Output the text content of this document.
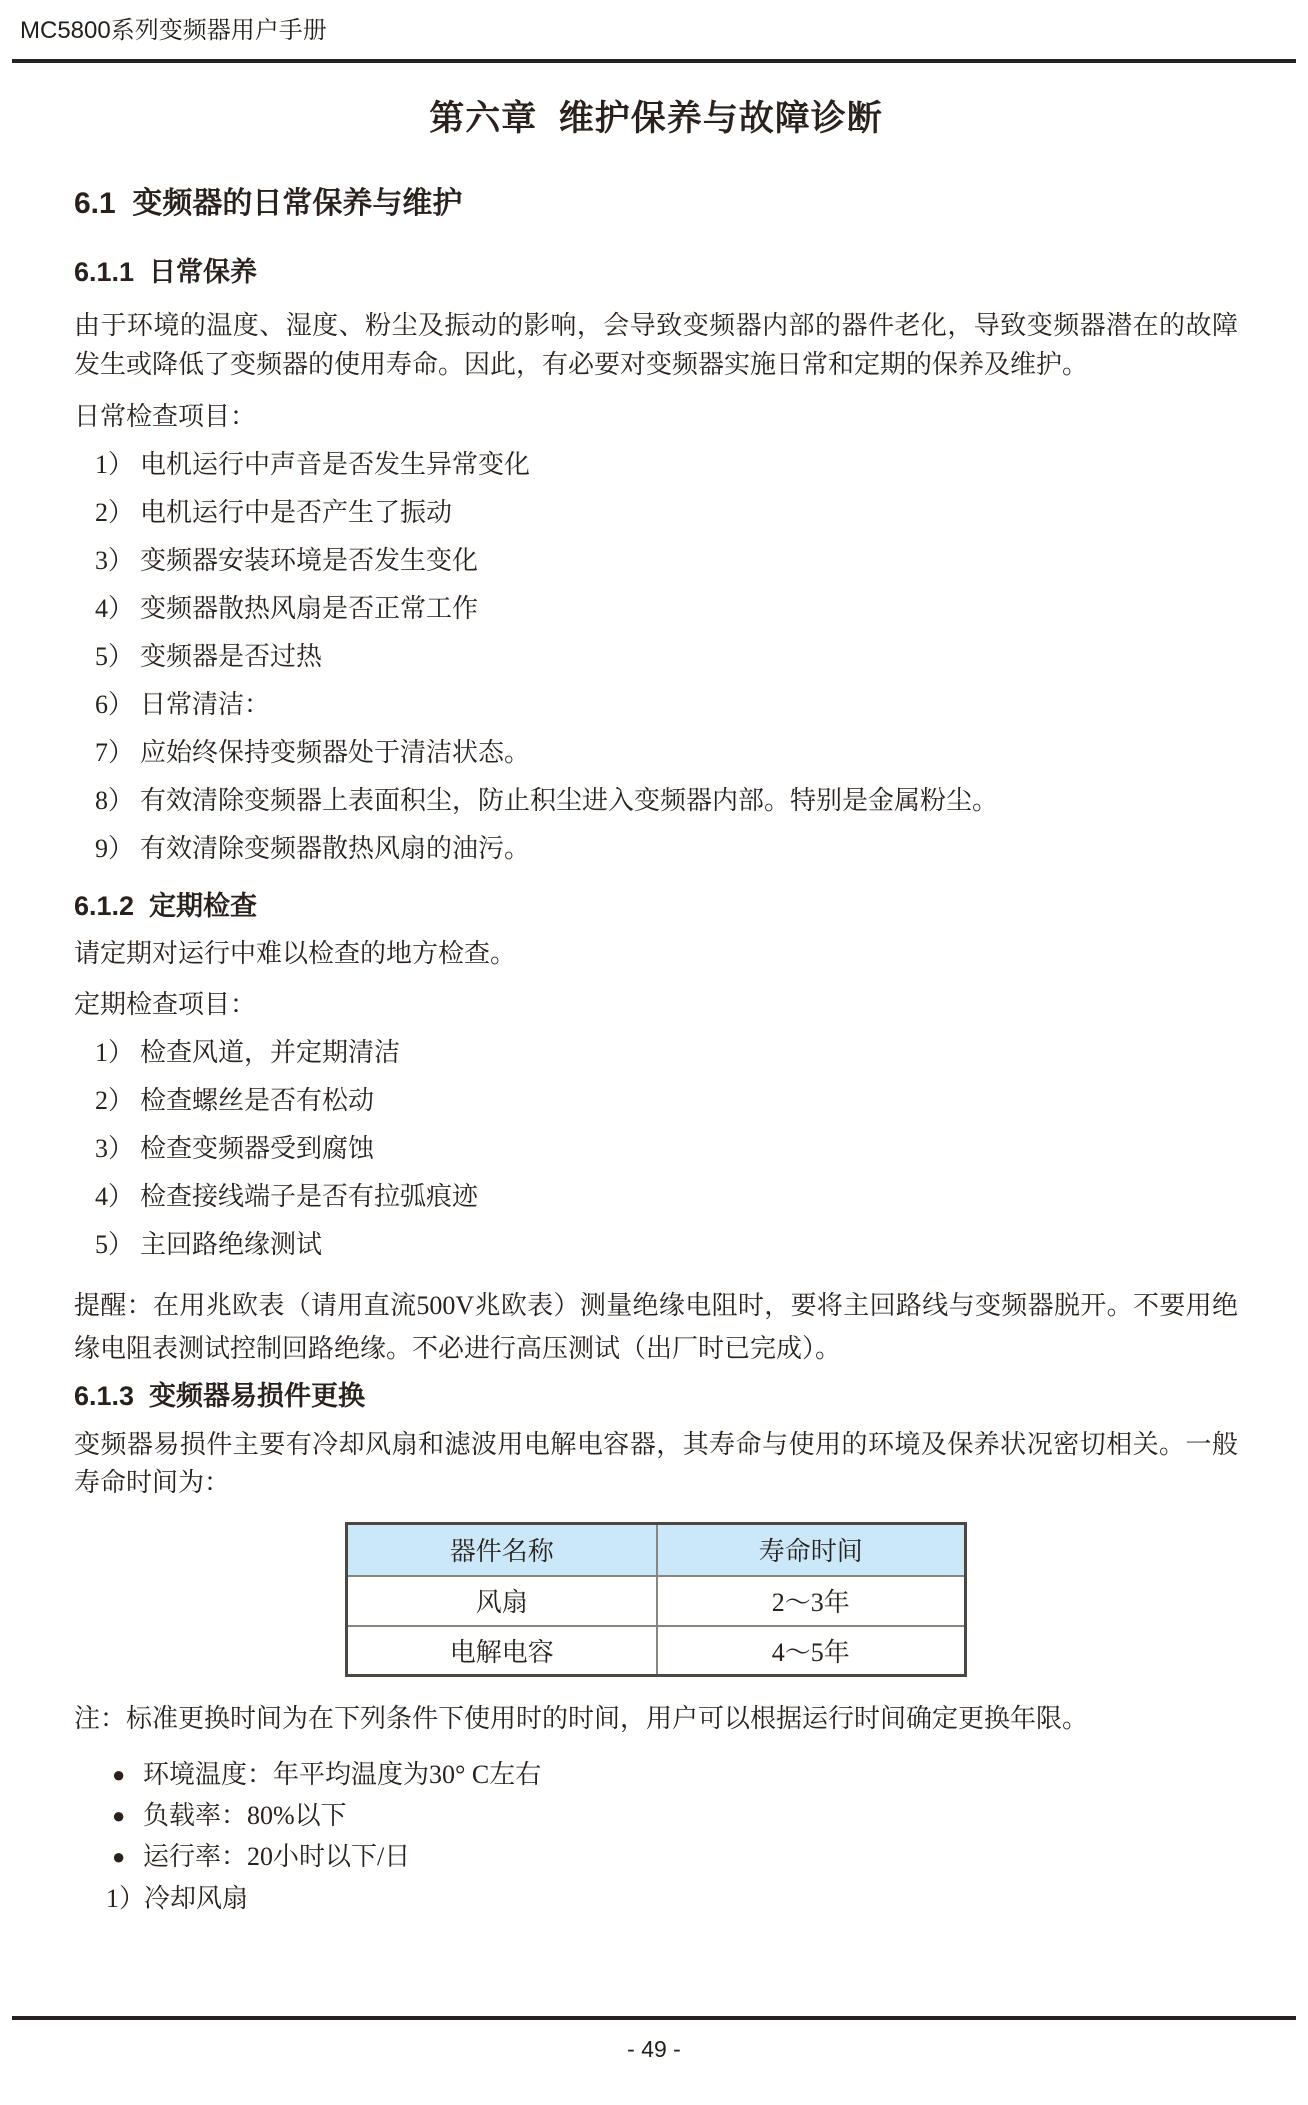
MC5800系列变频器用户手册
第六章  维护保养与故障诊断
6.1  变频器的日常保养与维护
6.1.1  日常保养
由于环境的温度、湿度、粉尘及振动的影响，会导致变频器内部的器件老化，导致变频器潜在的故障发生或降低了变频器的使用寿命。因此，有必要对变频器实施日常和定期的保养及维护。
日常检查项目：
1） 电机运行中声音是否发生异常变化
2） 电机运行中是否产生了振动
3） 变频器安装环境是否发生变化
4） 变频器散热风扇是否正常工作
5） 变频器是否过热
6） 日常清洁：
7） 应始终保持变频器处于清洁状态。
8） 有效清除变频器上表面积尘，防止积尘进入变频器内部。特别是金属粉尘。
9） 有效清除变频器散热风扇的油污。
6.1.2  定期检查
请定期对运行中难以检查的地方检查。
定期检查项目：
1） 检查风道，并定期清洁
2） 检查螺丝是否有松动
3） 检查变频器受到腐蚀
4） 检查接线端子是否有拉弧痕迹
5） 主回路绝缘测试
提醒：在用兆欧表（请用直流500V兆欧表）测量绝缘电阻时，要将主回路线与变频器脱开。不要用绝缘电阻表测试控制回路绝缘。不必进行高压测试（出厂时已完成）。
6.1.3  变频器易损件更换
变频器易损件主要有冷却风扇和滤波用电解电容器，其寿命与使用的环境及保养状况密切相关。一般寿命时间为：
器件名称	寿命时间
风扇	2～3年
电解电容	4～5年
注：标准更换时间为在下列条件下使用时的时间，用户可以根据运行时间确定更换年限。
● 环境温度：年平均温度为30° C左右
● 负载率：80%以下
● 运行率：20小时以下/日
1）
冷却风扇
- 49 -
